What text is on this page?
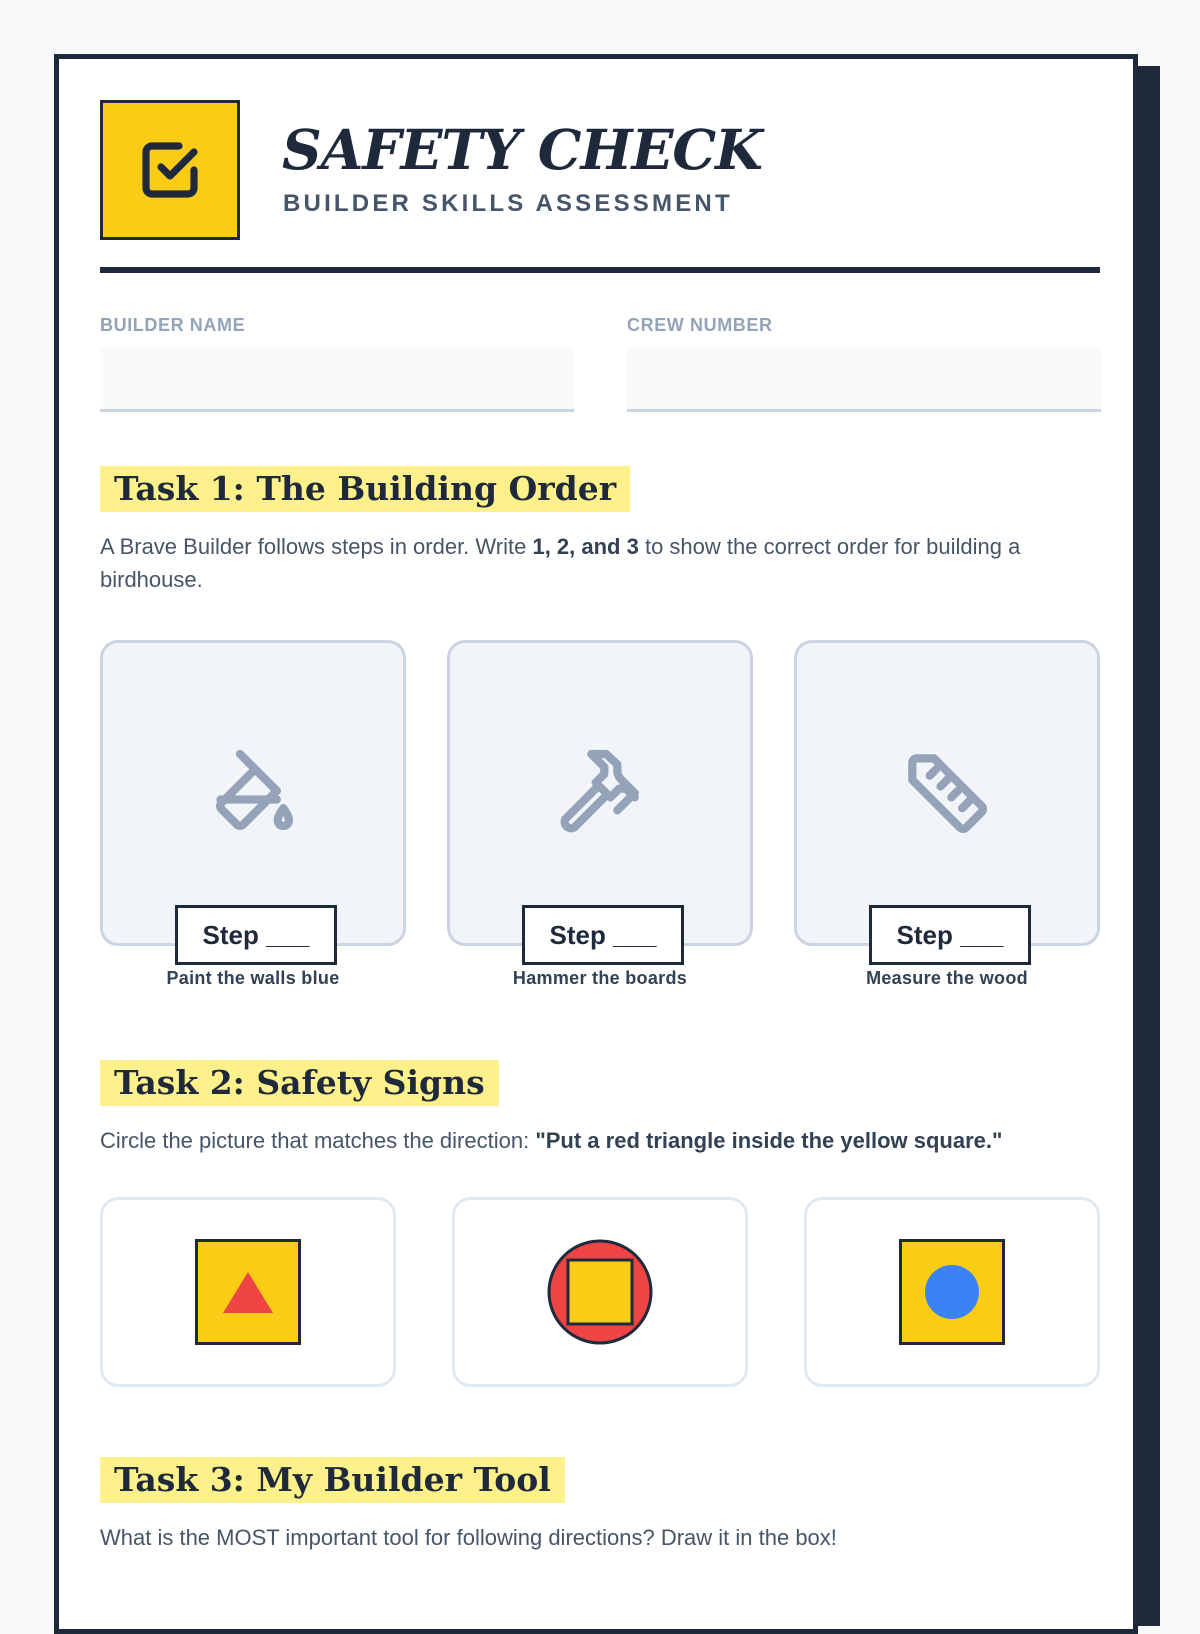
SAFETY CHECK
BUILDER SKILLS ASSESSMENT
BUILDER NAME	CREW NUMBER
Task 1: The Building Order

A Brave Builder follows steps in order. Write 1, 2, and 3 to show the correct order for building a birdhouse.

Step ___
Paint the walls blue
Step ___
Hammer the boards
Step ___
Measure the wood
Task 2: Safety Signs

Circle the picture that matches the direction: "Put a red triangle inside the yellow square."

Task 3: My Builder Tool

What is the MOST important tool for following directions? Draw it in the box!
